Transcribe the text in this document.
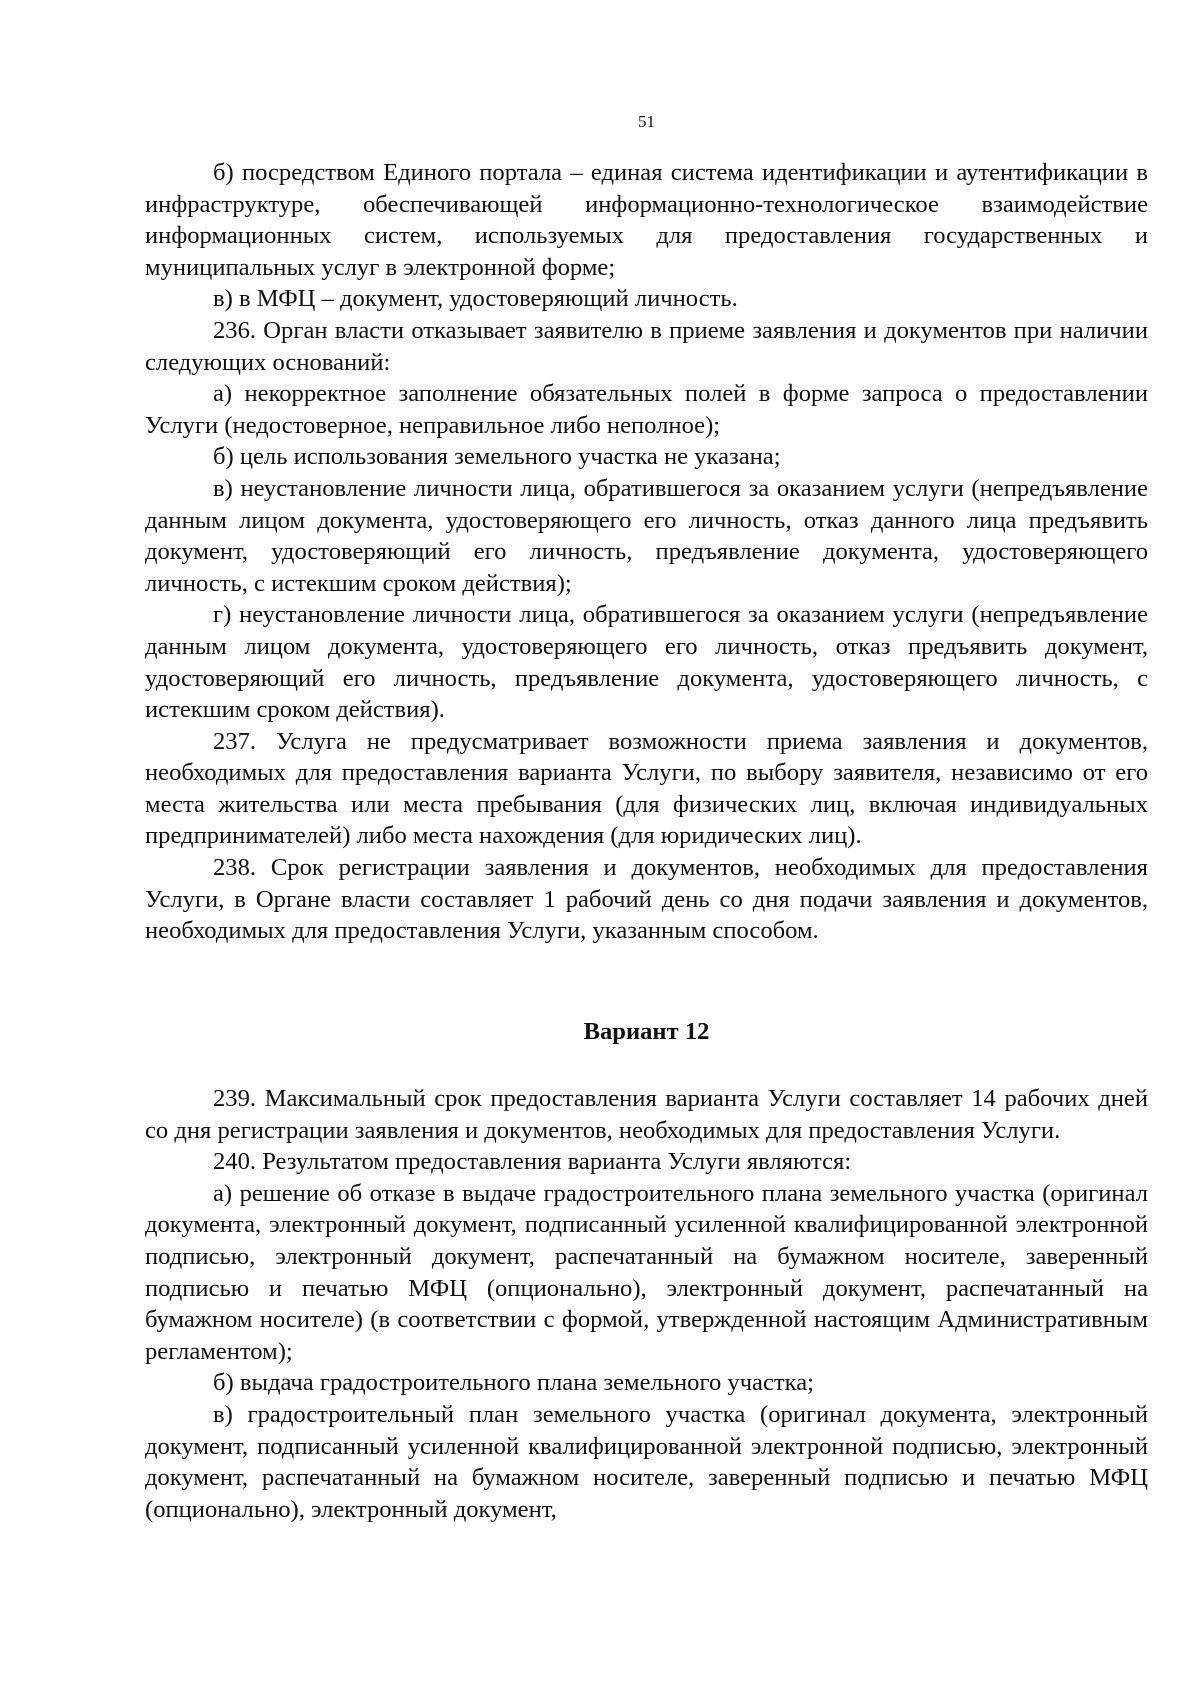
51

б) посредством Единого портала – единая система идентификации и аутентификации в инфраструктуре, обеспечивающей информационно-технологическое взаимодействие информационных систем, используемых для предоставления государственных и муниципальных услуг в электронной форме;

в) в МФЦ – документ, удостоверяющий личность.

236. Орган власти отказывает заявителю в приеме заявления и документов при наличии следующих оснований:

а) некорректное заполнение обязательных полей в форме запроса о предоставлении Услуги (недостоверное, неправильное либо неполное);

б) цель использования земельного участка не указана;

в) неустановление личности лица, обратившегося за оказанием услуги (непредъявление данным лицом документа, удостоверяющего его личность, отказ данного лица предъявить документ, удостоверяющий его личность, предъявление документа, удостоверяющего личность, с истекшим сроком действия);

г) неустановление личности лица, обратившегося за оказанием услуги (непредъявление данным лицом документа, удостоверяющего его личность, отказ предъявить документ, удостоверяющий его личность, предъявление документа, удостоверяющего личность, с истекшим сроком действия).

237. Услуга не предусматривает возможности приема заявления и документов, необходимых для предоставления варианта Услуги, по выбору заявителя, независимо от его места жительства или места пребывания (для физических лиц, включая индивидуальных предпринимателей) либо места нахождения (для юридических лиц).

238. Срок регистрации заявления и документов, необходимых для предоставления Услуги, в Органе власти составляет 1 рабочий день со дня подачи заявления и документов, необходимых для предоставления Услуги, указанным способом.

Вариант 12

239. Максимальный срок предоставления варианта Услуги составляет 14 рабочих дней со дня регистрации заявления и документов, необходимых для предоставления Услуги.

240. Результатом предоставления варианта Услуги являются:

а) решение об отказе в выдаче градостроительного плана земельного участка (оригинал документа, электронный документ, подписанный усиленной квалифицированной электронной подписью, электронный документ, распечатанный на бумажном носителе, заверенный подписью и печатью МФЦ (опционально), электронный документ, распечатанный на бумажном носителе) (в соответствии с формой, утвержденной настоящим Административным регламентом);

б) выдача градостроительного плана земельного участка;

в) градостроительный план земельного участка (оригинал документа, электронный документ, подписанный усиленной квалифицированной электронной подписью, электронный документ, распечатанный на бумажном носителе, заверенный подписью и печатью МФЦ (опционально), электронный документ,
